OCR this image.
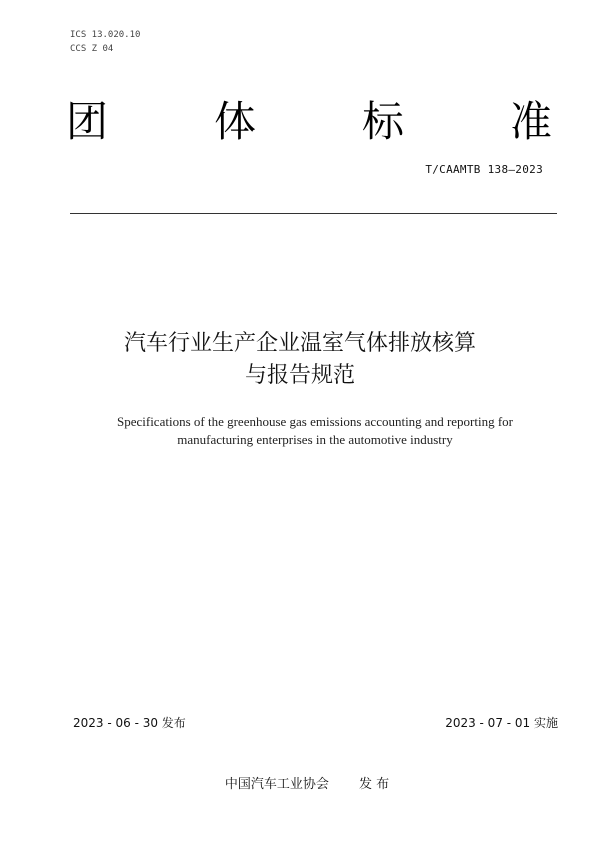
ICS 13.020.10
CCS Z 04
团	体	标	准
T/CAAMTB 138—2023
汽车行业生产企业温室气体排放核算
与报告规范
Specifications of the greenhouse gas emissions accounting and reporting for
manufacturing enterprises in the automotive industry
2023 - 06 - 30 发布	2023 - 07 - 01 实施
中国汽车工业协会 发 布
